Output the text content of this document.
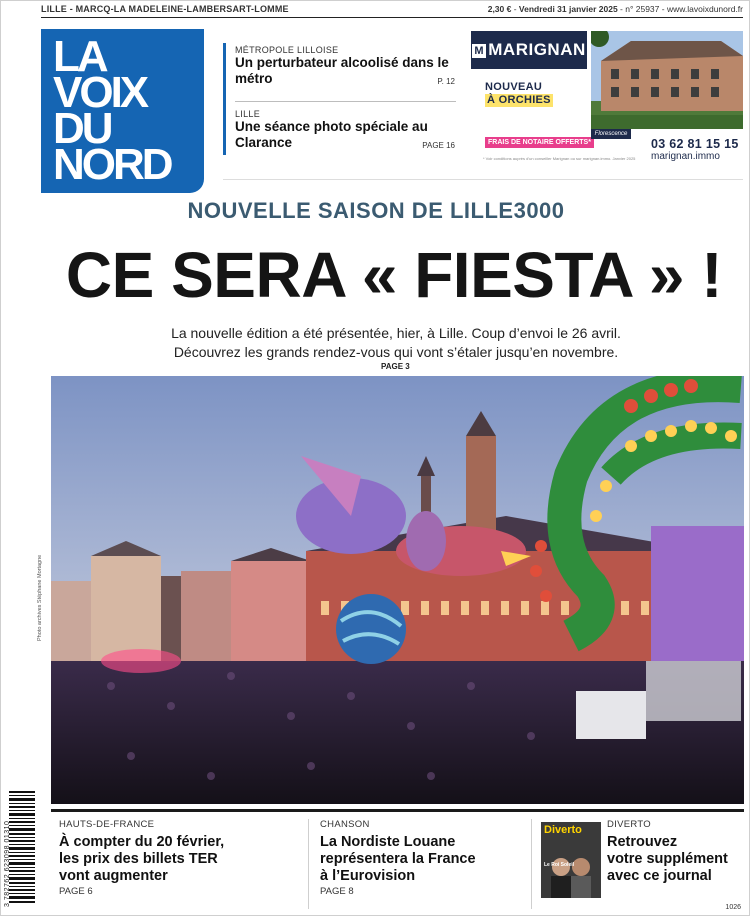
LILLE - MARCQ-LA MADELEINE-LAMBERSART-LOMME	2,30 € - Vendredi 31 janvier 2025 - n° 25937 - www.lavoixdunord.fr
LA
VOIX
DU
NORD
MÉTROPOLE LILLOISE
Un perturbateur alcoolisé dans le métro	P. 12
LILLE
Une séance photo spéciale au Clarance	PAGE 16
M MARIGNAN
NOUVEAU
À ORCHIES
FRAIS DE NOTAIRE OFFERTS*
* Voir conditions auprès d'un conseiller Marignan ou sur marignan.immo. Janvier 2025
Florescence
03 62 81 15 15
marignan.immo
NOUVELLE SAISON DE LILLE3000
CE SERA « FIESTA » !
La nouvelle édition a été présentée, hier, à Lille. Coup d’envoi le 26 avril.
Découvrez les grands rendez-vous qui vont s’étaler jusqu’en novembre.
PAGE 3
Photo archives Stéphane Mortagne
HAUTS-DE-FRANCE
À compter du 20 février,
les prix des billets TER
vont augmenter
PAGE 6
CHANSON
La Nordiste Louane
représentera la France
à l’Eurovision
PAGE 8
Diverto
Le Roi Soleil
DIVERTO
Retrouvez
votre supplément
avec ce journal
3 782762 623098 01310
1026
